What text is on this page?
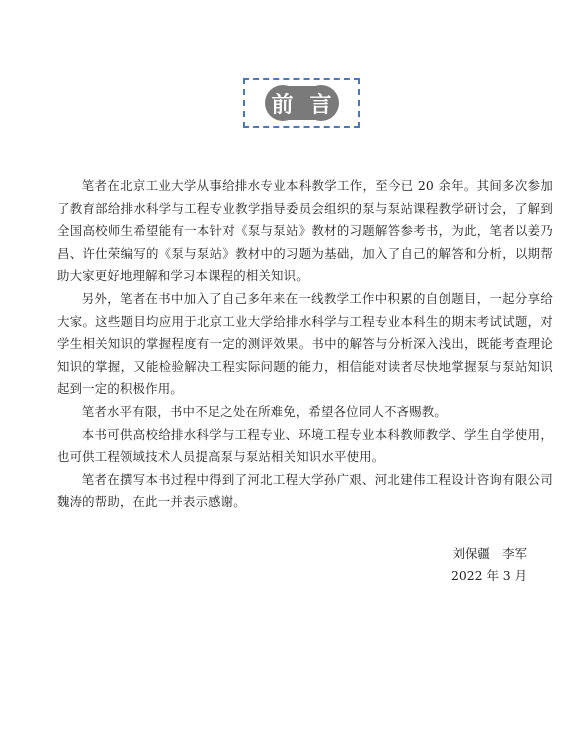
前 言

笔者在北京工业大学从事给排水专业本科教学工作，至今已 20 余年。其间多次参加了教育部给排水科学与工程专业教学指导委员会组织的泵与泵站课程教学研讨会，了解到全国高校师生希望能有一本针对《泵与泵站》教材的习题解答参考书，为此，笔者以姜乃昌、许仕荣编写的《泵与泵站》教材中的习题为基础，加入了自己的解答和分析，以期帮助大家更好地理解和学习本课程的相关知识。

另外，笔者在书中加入了自己多年来在一线教学工作中积累的自创题目，一起分享给大家。这些题目均应用于北京工业大学给排水科学与工程专业本科生的期末考试试题，对学生相关知识的掌握程度有一定的测评效果。书中的解答与分析深入浅出，既能考查理论知识的掌握，又能检验解决工程实际问题的能力，相信能对读者尽快地掌握泵与泵站知识起到一定的积极作用。

笔者水平有限，书中不足之处在所难免，希望各位同人不吝赐教。

本书可供高校给排水科学与工程专业、环境工程专业本科教师教学、学生自学使用，也可供工程领域技术人员提高泵与泵站相关知识水平使用。

笔者在撰写本书过程中得到了河北工程大学孙广艰、河北建伟工程设计咨询有限公司魏涛的帮助，在此一并表示感谢。

刘保疆　李军
2022 年 3 月
